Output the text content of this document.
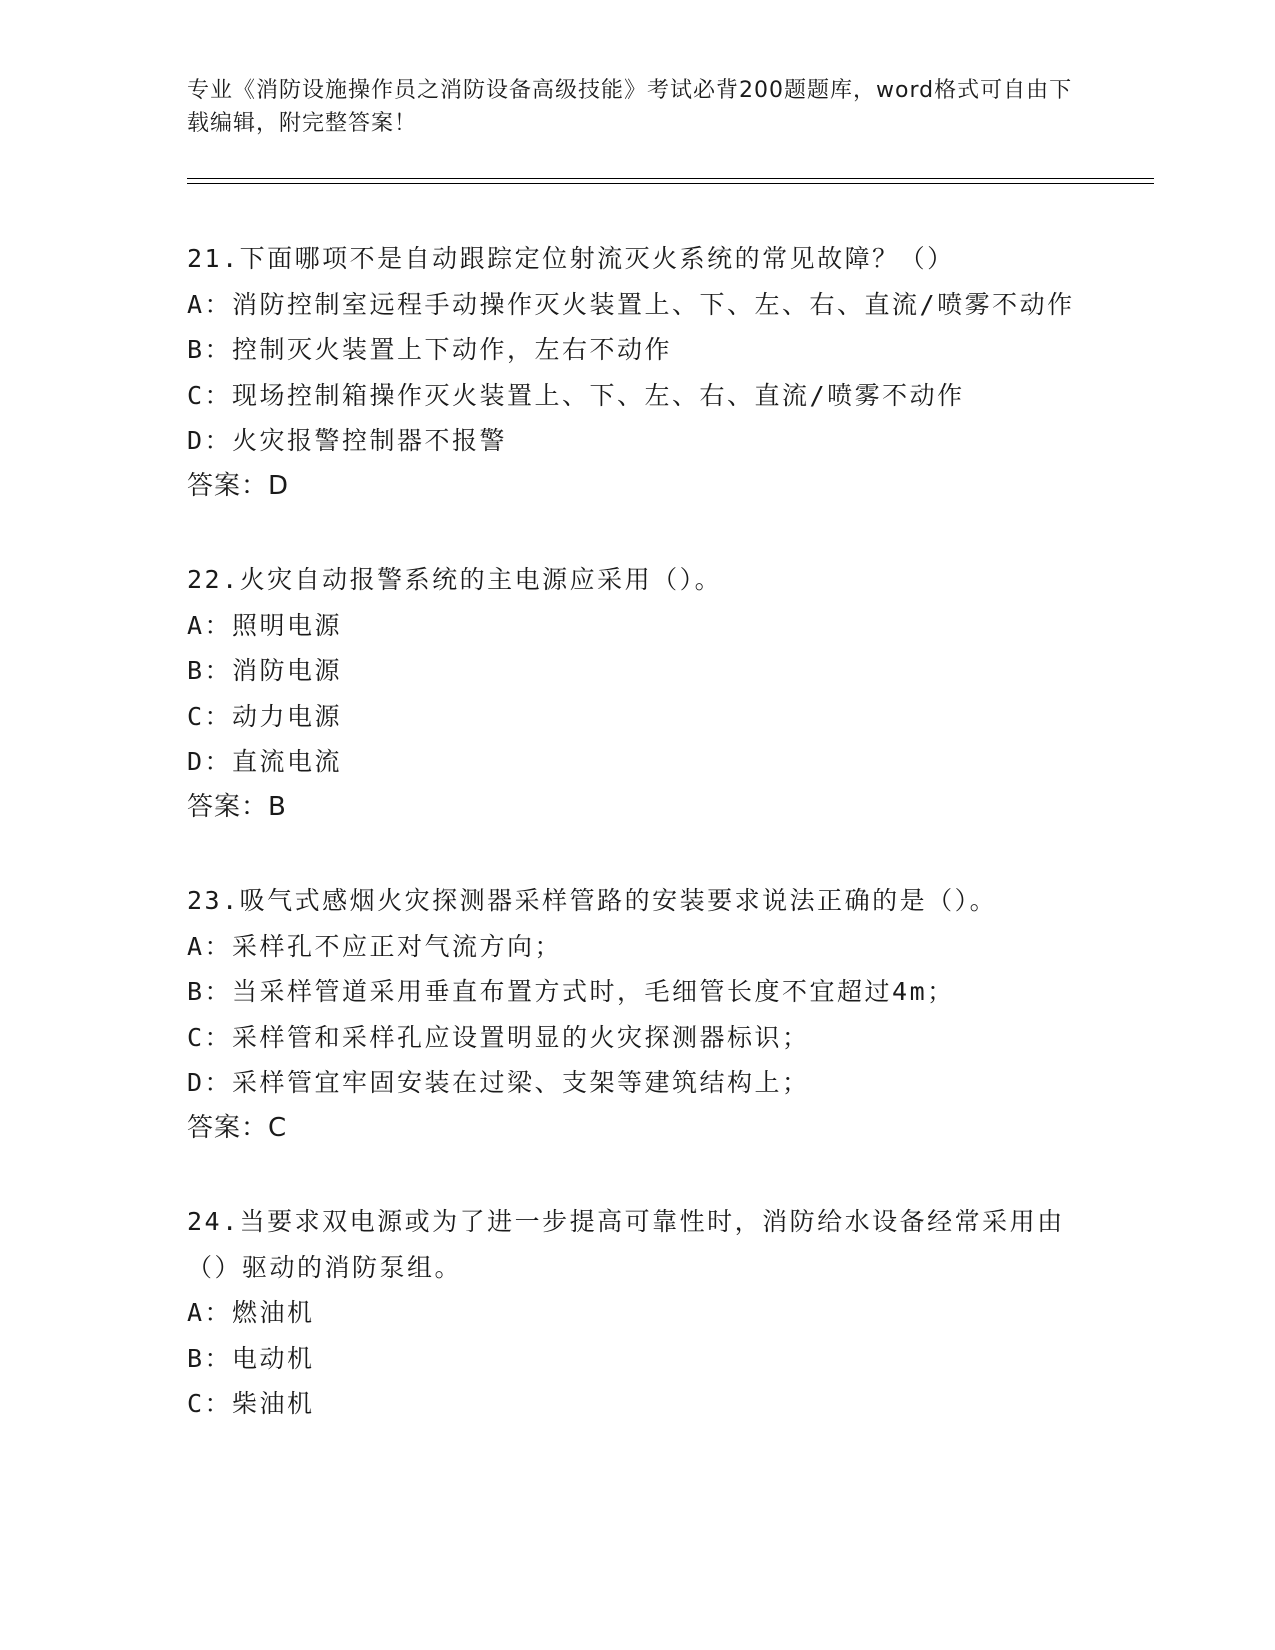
专业《消防设施操作员之消防设备高级技能》考试必背200题题库，word格式可自由下载编辑，附完整答案！
21.下面哪项不是自动跟踪定位射流灭火系统的常见故障？（）
A：消防控制室远程手动操作灭火装置上、下、左、右、直流/喷雾不动作
B：控制灭火装置上下动作，左右不动作
C：现场控制箱操作灭火装置上、下、左、右、直流/喷雾不动作
D：火灾报警控制器不报警
答案：D
22.火灾自动报警系统的主电源应采用（）。
A：照明电源
B：消防电源
C：动力电源
D：直流电流
答案：B
23.吸气式感烟火灾探测器采样管路的安装要求说法正确的是（）。
A：采样孔不应正对气流方向；
B：当采样管道采用垂直布置方式时，毛细管长度不宜超过4m；
C：采样管和采样孔应设置明显的火灾探测器标识；
D：采样管宜牢固安装在过梁、支架等建筑结构上；
答案：C
24.当要求双电源或为了进一步提高可靠性时，消防给水设备经常采用由（）驱动的消防泵组。
A：燃油机
B：电动机
C：柴油机
